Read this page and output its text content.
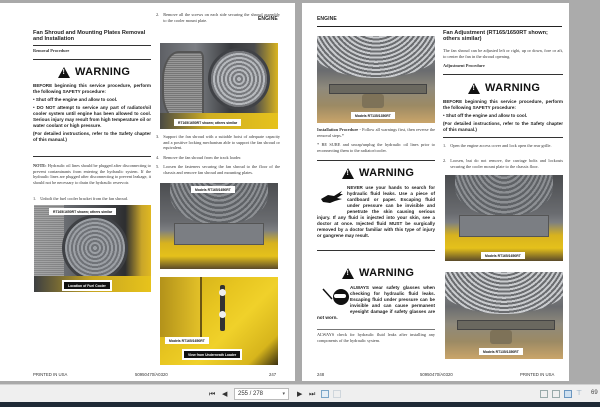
ENGINE
Fan Shroud and Mounting Plates Removal and Installation
Removal Procedure
!
WARNING

BEFORE beginning this service procedure, perform the following SAFETY procedure:

• Shut off the engine and allow to cool.

• DO NOT attempt to service any part of radiator/oil cooler system until engine has been allowed to cool. Serious injury may result from high temperature oil or water coolant or high pressure.

(For detailed instructions, refer to the Safety chapter of this manual.)

NOTE: Hydraulic oil lines should be plugged after disconnecting to prevent contaminants from entering the hydraulic system. If the hydraulic lines are plugged after disconnecting to prevent leakage, it should not be necessary to drain the hydraulic reservoir.
1. Unbolt the fuel cooler bracket from the fan shroud.
RT165/1650RT shown; others similar
Location of Fuel Cooler
2. Remove all the screws on each side securing the shroud assembly to the cooler mount plate.
RT165/1650RT shown; others similar
3. Support the fan shroud with a suitable hoist of adequate capacity and a positive locking mechanism able to support the fan shroud or equivalent.
4. Remove the fan shroud from the track loader.
5. Loosen the fasteners securing the fan shroud to the floor of the chassis and remove fan shroud and mounting plates.
Models RT165/1650RT
Models RT165/1650RT
View from Underneath Loader
PRINTED IN USA	50950470/A0320	247
ENGINE
Models RT135/1350RT
Installation Procedure - Follow all warnings first, then reverse the removal steps.*
* BE SURE and uncap/unplug the hydraulic oil lines prior to reconnecting them to the radiator/cooler.
!
WARNING
NEVER use your hands to search for hydraulic fluid leaks. Use a piece of cardboard or paper. Escaping fluid under pressure can be invisible and penetrate the skin causing serious injury. If any fluid is injected into your skin, see a doctor at once. Injected fluid MUST be surgically removed by a doctor familiar with this type of injury or gangrene may result.
!
WARNING
ALWAYS wear safety glasses when checking for hydraulic fluid leaks. Escaping fluid under pressure can be invisible and can cause permanent eyesight damage if safety glasses are not worn.
ALWAYS check for hydraulic fluid leaks after installing any components of the hydraulic system.
Fan Adjustment (RT165/1650RT shown; others similar)
The fan shroud can be adjusted left or right, up or down, fore or aft, to center the fan in the shroud opening.
Adjustment Procedure
!
WARNING

BEFORE beginning this service procedure, perform the following SAFETY procedure:

• Shut off the engine and allow to cool.

(For detailed instructions, refer to the Safety chapter of this manual.)

1. Open the engine access cover and lock open the rear grille.
2. Loosen, but do not remove, the carriage bolts and lockouts securing the cooler mount plate to the chassis floor.
Models RT165/1650RT
Models RT135/1350RT
248	50950470/A0320	PRINTED IN USA
⏮ ◀	255 / 278	▾ ▶ ⏭	⊤ 69
